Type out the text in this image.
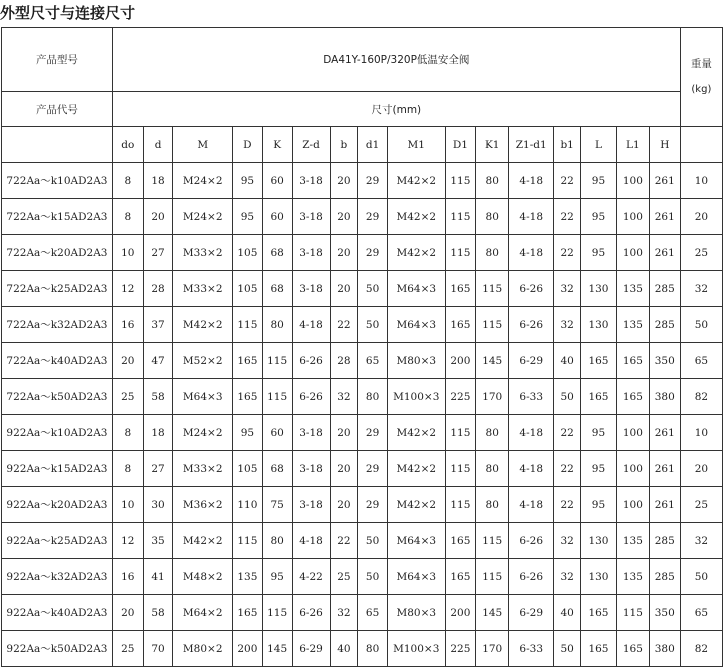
外型尺寸与连接尺寸
产品型号	DA41Y-160P/320P低温安全阀																重量
(kg)

产品代号	尺寸(mm)																
	do	d	M	D	K	Z-d	b	d1	M1	D1	K1	Z1-d1	b1	L	L1	H	
722Aa～k10AD2A3	8	18	M24×2	95	60	3-18	20	29	M42×2	115	80	4-18	22	95	100	261	10
722Aa～k15AD2A3	8	20	M24×2	95	60	3-18	20	29	M42×2	115	80	4-18	22	95	100	261	20
722Aa～k20AD2A3	10	27	M33×2	105	68	3-18	20	29	M42×2	115	80	4-18	22	95	100	261	25
722Aa～k25AD2A3	12	28	M33×2	105	68	3-18	20	50	M64×3	165	115	6-26	32	130	135	285	32
722Aa～k32AD2A3	16	37	M42×2	115	80	4-18	22	50	M64×3	165	115	6-26	32	130	135	285	50
722Aa～k40AD2A3	20	47	M52×2	165	115	6-26	28	65	M80×3	200	145	6-29	40	165	165	350	65
722Aa～k50AD2A3	25	58	M64×3	165	115	6-26	32	80	M100×3	225	170	6-33	50	165	165	380	82
922Aa～k10AD2A3	8	18	M24×2	95	60	3-18	20	29	M42×2	115	80	4-18	22	95	100	261	10
922Aa～k15AD2A3	8	27	M33×2	105	68	3-18	20	29	M42×2	115	80	4-18	22	95	100	261	20
922Aa～k20AD2A3	10	30	M36×2	110	75	3-18	20	29	M42×2	115	80	4-18	22	95	100	261	25
922Aa～k25AD2A3	12	35	M42×2	115	80	4-18	22	50	M64×3	165	115	6-26	32	130	135	285	32
922Aa～k32AD2A3	16	41	M48×2	135	95	4-22	25	50	M64×3	165	115	6-26	32	130	135	285	50
922Aa～k40AD2A3	20	58	M64×2	165	115	6-26	32	65	M80×3	200	145	6-29	40	165	115	350	65
922Aa～k50AD2A3	25	70	M80×2	200	145	6-29	40	80	M100×3	225	170	6-33	50	165	165	380	82
